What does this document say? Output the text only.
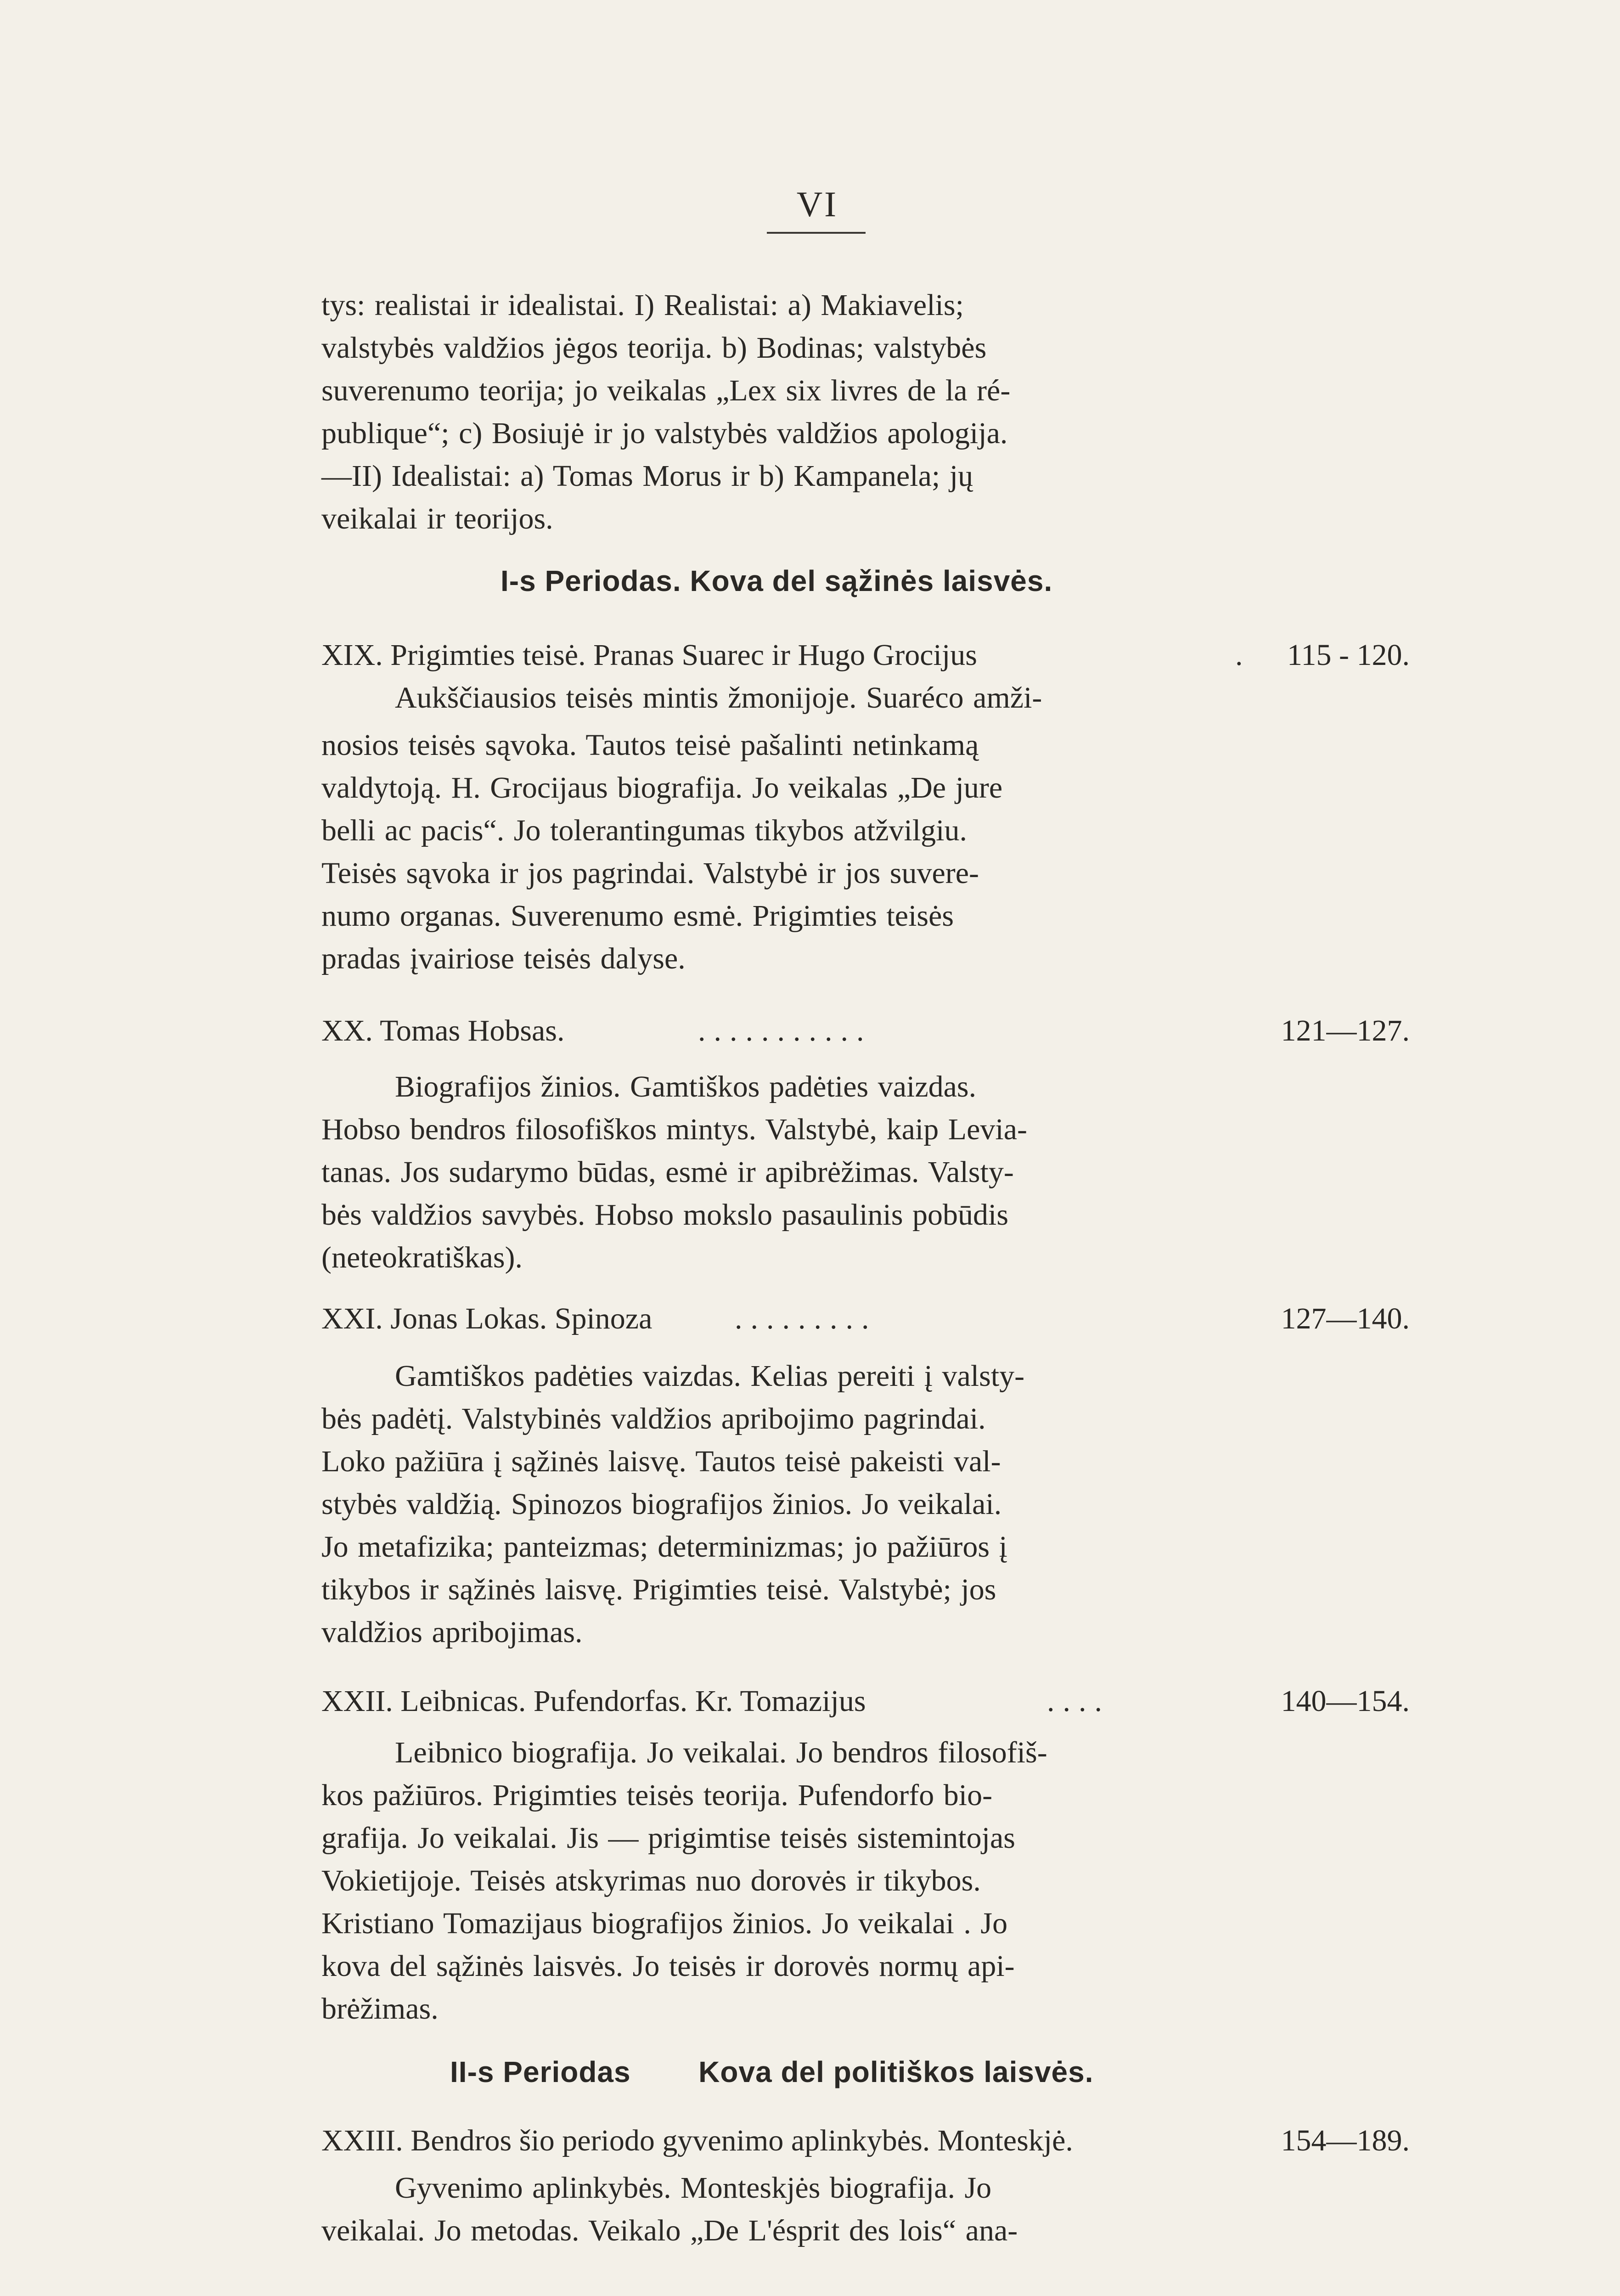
VI
tys: realistai ir idealistai. I) Realistai: a) Makiavelis;
valstybės valdžios jėgos teorija. b) Bodinas; valstybės
suverenumo teorija; jo veikalas „Lex six livres de la ré-
publique“; c) Bosiujė ir jo valstybės valdžios apologija.
—II) Idealistai: a) Tomas Morus ir b) Kampanela; jų
veikalai ir teorijos.
I-s Periodas. Kova del sąžinės laisvės.
XIX. Prigimties teisė. Pranas Suarec ir Hugo Grocijus	. 115 - 120.
Aukščiausios teisės mintis žmonijoje. Suaréco amži-
nosios teisės sąvoka. Tautos teisė pašalinti netinkamą
valdytoją. H. Grocijaus biografija. Jo veikalas „De jure
belli ac pacis“. Jo tolerantingumas tikybos atžvilgiu.
Teisės sąvoka ir jos pagrindai. Valstybė ir jos suvere-
numo organas. Suverenumo esmė. Prigimties teisės
pradas įvairiose teisės dalyse.
XX. Tomas Hobsas.	...........	121—127.
Biografijos žinios. Gamtiškos padėties vaizdas.
Hobso bendros filosofiškos mintys. Valstybė, kaip Levia-
tanas. Jos sudarymo būdas, esmė ir apibrėžimas. Valsty-
bės valdžios savybės. Hobso mokslo pasaulinis pobūdis
(neteokratiškas).
XXI. Jonas Lokas. Spinoza	.........	127—140.
Gamtiškos padėties vaizdas. Kelias pereiti į valsty-
bės padėtį. Valstybinės valdžios apribojimo pagrindai.
Loko pažiūra į sąžinės laisvę. Tautos teisė pakeisti val-
stybės valdžią. Spinozos biografijos žinios. Jo veikalai.
Jo metafizika; panteizmas; determinizmas; jo pažiūros į
tikybos ir sąžinės laisvę. Prigimties teisė. Valstybė; jos
valdžios apribojimas.
XXII. Leibnicas. Pufendorfas. Kr. Tomazijus	....	140—154.
Leibnico biografija. Jo veikalai. Jo bendros filosofiš-
kos pažiūros. Prigimties teisės teorija. Pufendorfo bio-
grafija. Jo veikalai. Jis — prigimtise teisės sistemintojas
Vokietijoje. Teisės atskyrimas nuo dorovės ir tikybos.
Kristiano Tomazijaus biografijos žinios. Jo veikalai . Jo
kova del sąžinės laisvės. Jo teisės ir dorovės normų api-
brėžimas.
II-s Periodas Kova del politiškos laisvės.
XXIII. Bendros šio periodo gyvenimo aplinkybės. Monteskjė.	154—189.
Gyvenimo aplinkybės. Monteskjės biografija. Jo
veikalai. Jo metodas. Veikalo „De L'ésprit des lois“ ana-
